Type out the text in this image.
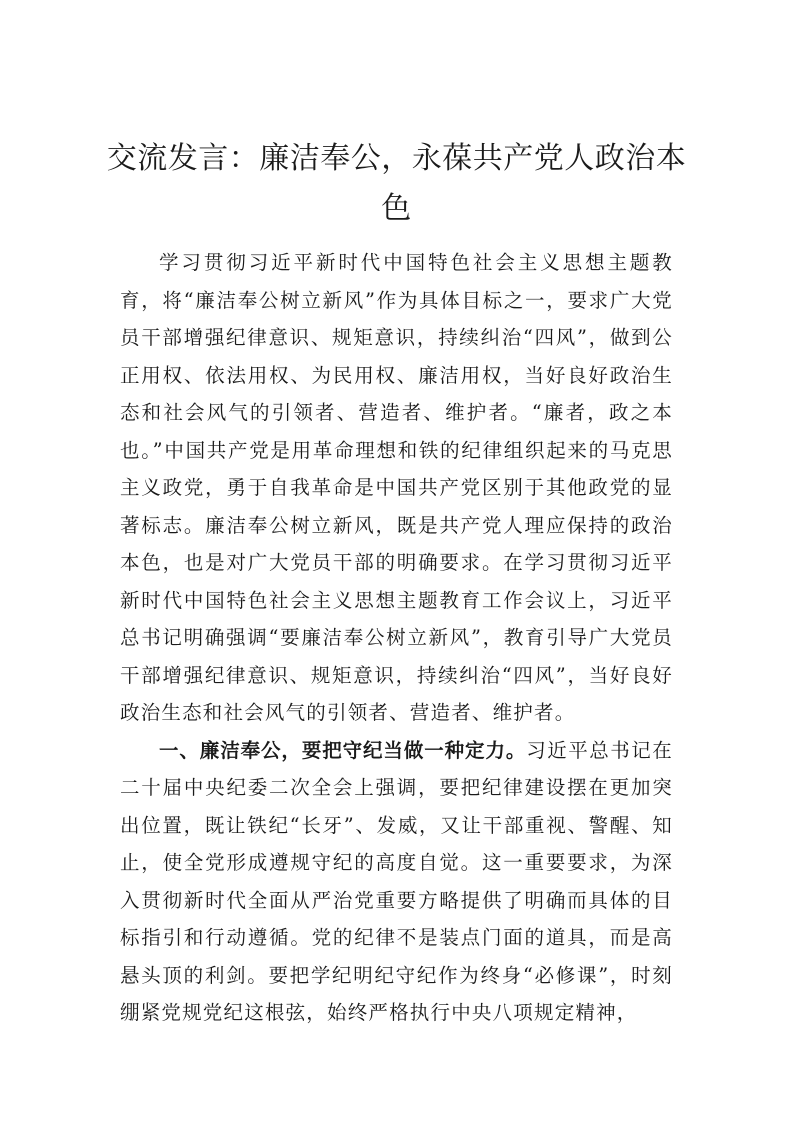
交流发言：廉洁奉公，永葆共产党人政治本色

学习贯彻习近平新时代中国特色社会主义思想主题教育，将“廉洁奉公树立新风”作为具体目标之一，要求广大党员干部增强纪律意识、规矩意识，持续纠治“四风”，做到公正用权、依法用权、为民用权、廉洁用权，当好良好政治生态和社会风气的引领者、营造者、维护者。“廉者，政之本也。”中国共产党是用革命理想和铁的纪律组织起来的马克思主义政党，勇于自我革命是中国共产党区别于其他政党的显著标志。廉洁奉公树立新风，既是共产党人理应保持的政治本色，也是对广大党员干部的明确要求。在学习贯彻习近平新时代中国特色社会主义思想主题教育工作会议上，习近平总书记明确强调“要廉洁奉公树立新风”，教育引导广大党员干部增强纪律意识、规矩意识，持续纠治“四风”，当好良好政治生态和社会风气的引领者、营造者、维护者。

一、廉洁奉公，要把守纪当做一种定力。习近平总书记在二十届中央纪委二次全会上强调，要把纪律建设摆在更加突出位置，既让铁纪“长牙”、发威，又让干部重视、警醒、知止，使全党形成遵规守纪的高度自觉。这一重要要求，为深入贯彻新时代全面从严治党重要方略提供了明确而具体的目标指引和行动遵循。党的纪律不是装点门面的道具，而是高悬头顶的利剑。要把学纪明纪守纪作为终身“必修课”，时刻绷紧党规党纪这根弦，始终严格执行中央八项规定精神，
